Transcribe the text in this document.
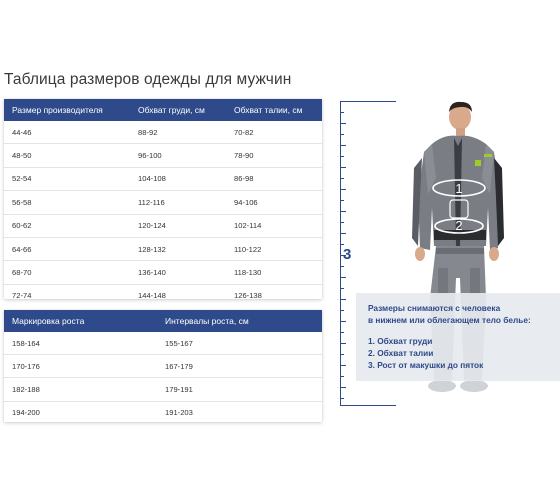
Таблица размеров одежды для мужчин
Размер производителя	Обхват груди, см	Обхват талии, см
44-46	88-92	70-82
48-50	96-100	78-90
52-54	104-108	86-98
56-58	112-116	94-106
60-62	120-124	102-114
64-66	128-132	110-122
68-70	136-140	118-130
72-74	144-148	126-138
Маркировка роста	Интервалы роста, см
158-164	155-167
170-176	167-179
182-188	179-191
194-200	191-203
3
1
2
Размеры снимаются с человека
в нижнем или облегающем тело белье:
1. Обхват груди
2. Обхват талии
3. Рост от макушки до пяток
